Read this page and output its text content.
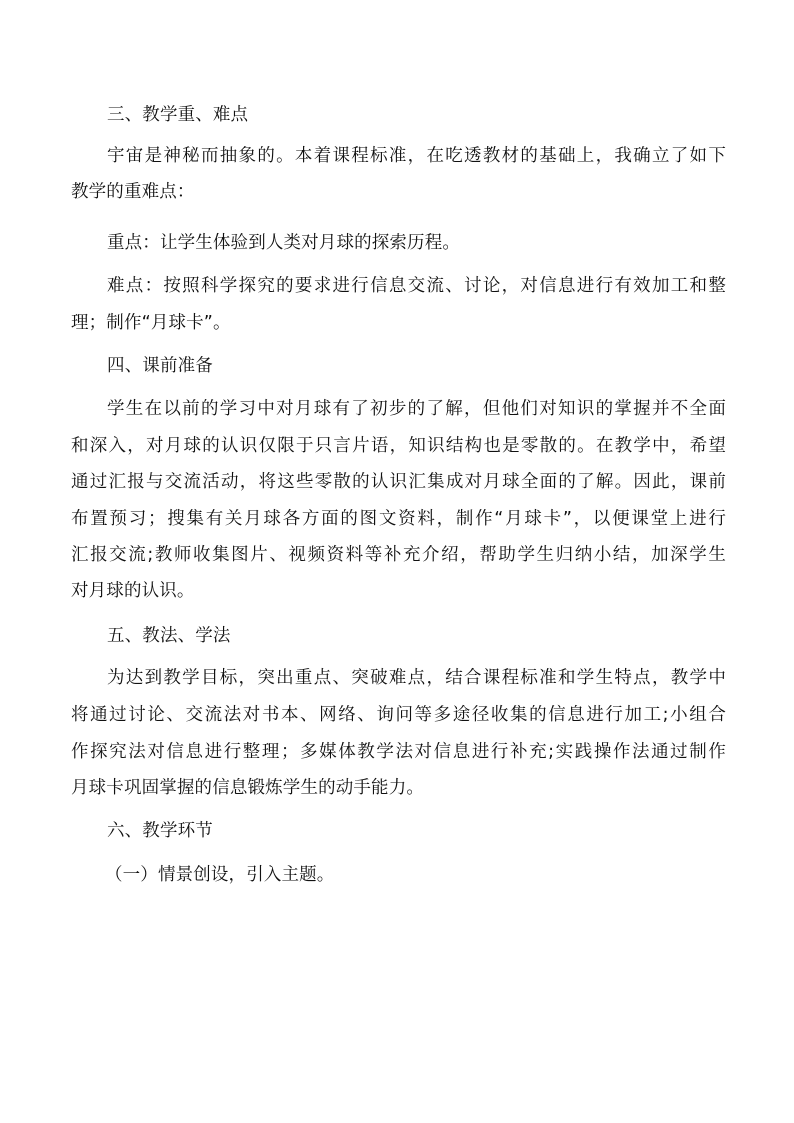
三、教学重、难点
宇宙是神秘而抽象的。本着课程标准，在吃透教材的基础上，我确立了如下
教学的重难点：
重点：让学生体验到人类对月球的探索历程。
难点：按照科学探究的要求进行信息交流、讨论，对信息进行有效加工和整
理；制作“月球卡”。
四、课前准备
学生在以前的学习中对月球有了初步的了解，但他们对知识的掌握并不全面
和深入，对月球的认识仅限于只言片语，知识结构也是零散的。在教学中，希望
通过汇报与交流活动，将这些零散的认识汇集成对月球全面的了解。因此，课前
布置预习；搜集有关月球各方面的图文资料，制作“月球卡”，以便课堂上进行
汇报交流;教师收集图片、视频资料等补充介绍，帮助学生归纳小结，加深学生
对月球的认识。
五、教法、学法
为达到教学目标，突出重点、突破难点，结合课程标准和学生特点，教学中
将通过讨论、交流法对书本、网络、询问等多途径收集的信息进行加工;小组合
作探究法对信息进行整理；多媒体教学法对信息进行补充;实践操作法通过制作
月球卡巩固掌握的信息锻炼学生的动手能力。
六、教学环节
（一）情景创设，引入主题。
